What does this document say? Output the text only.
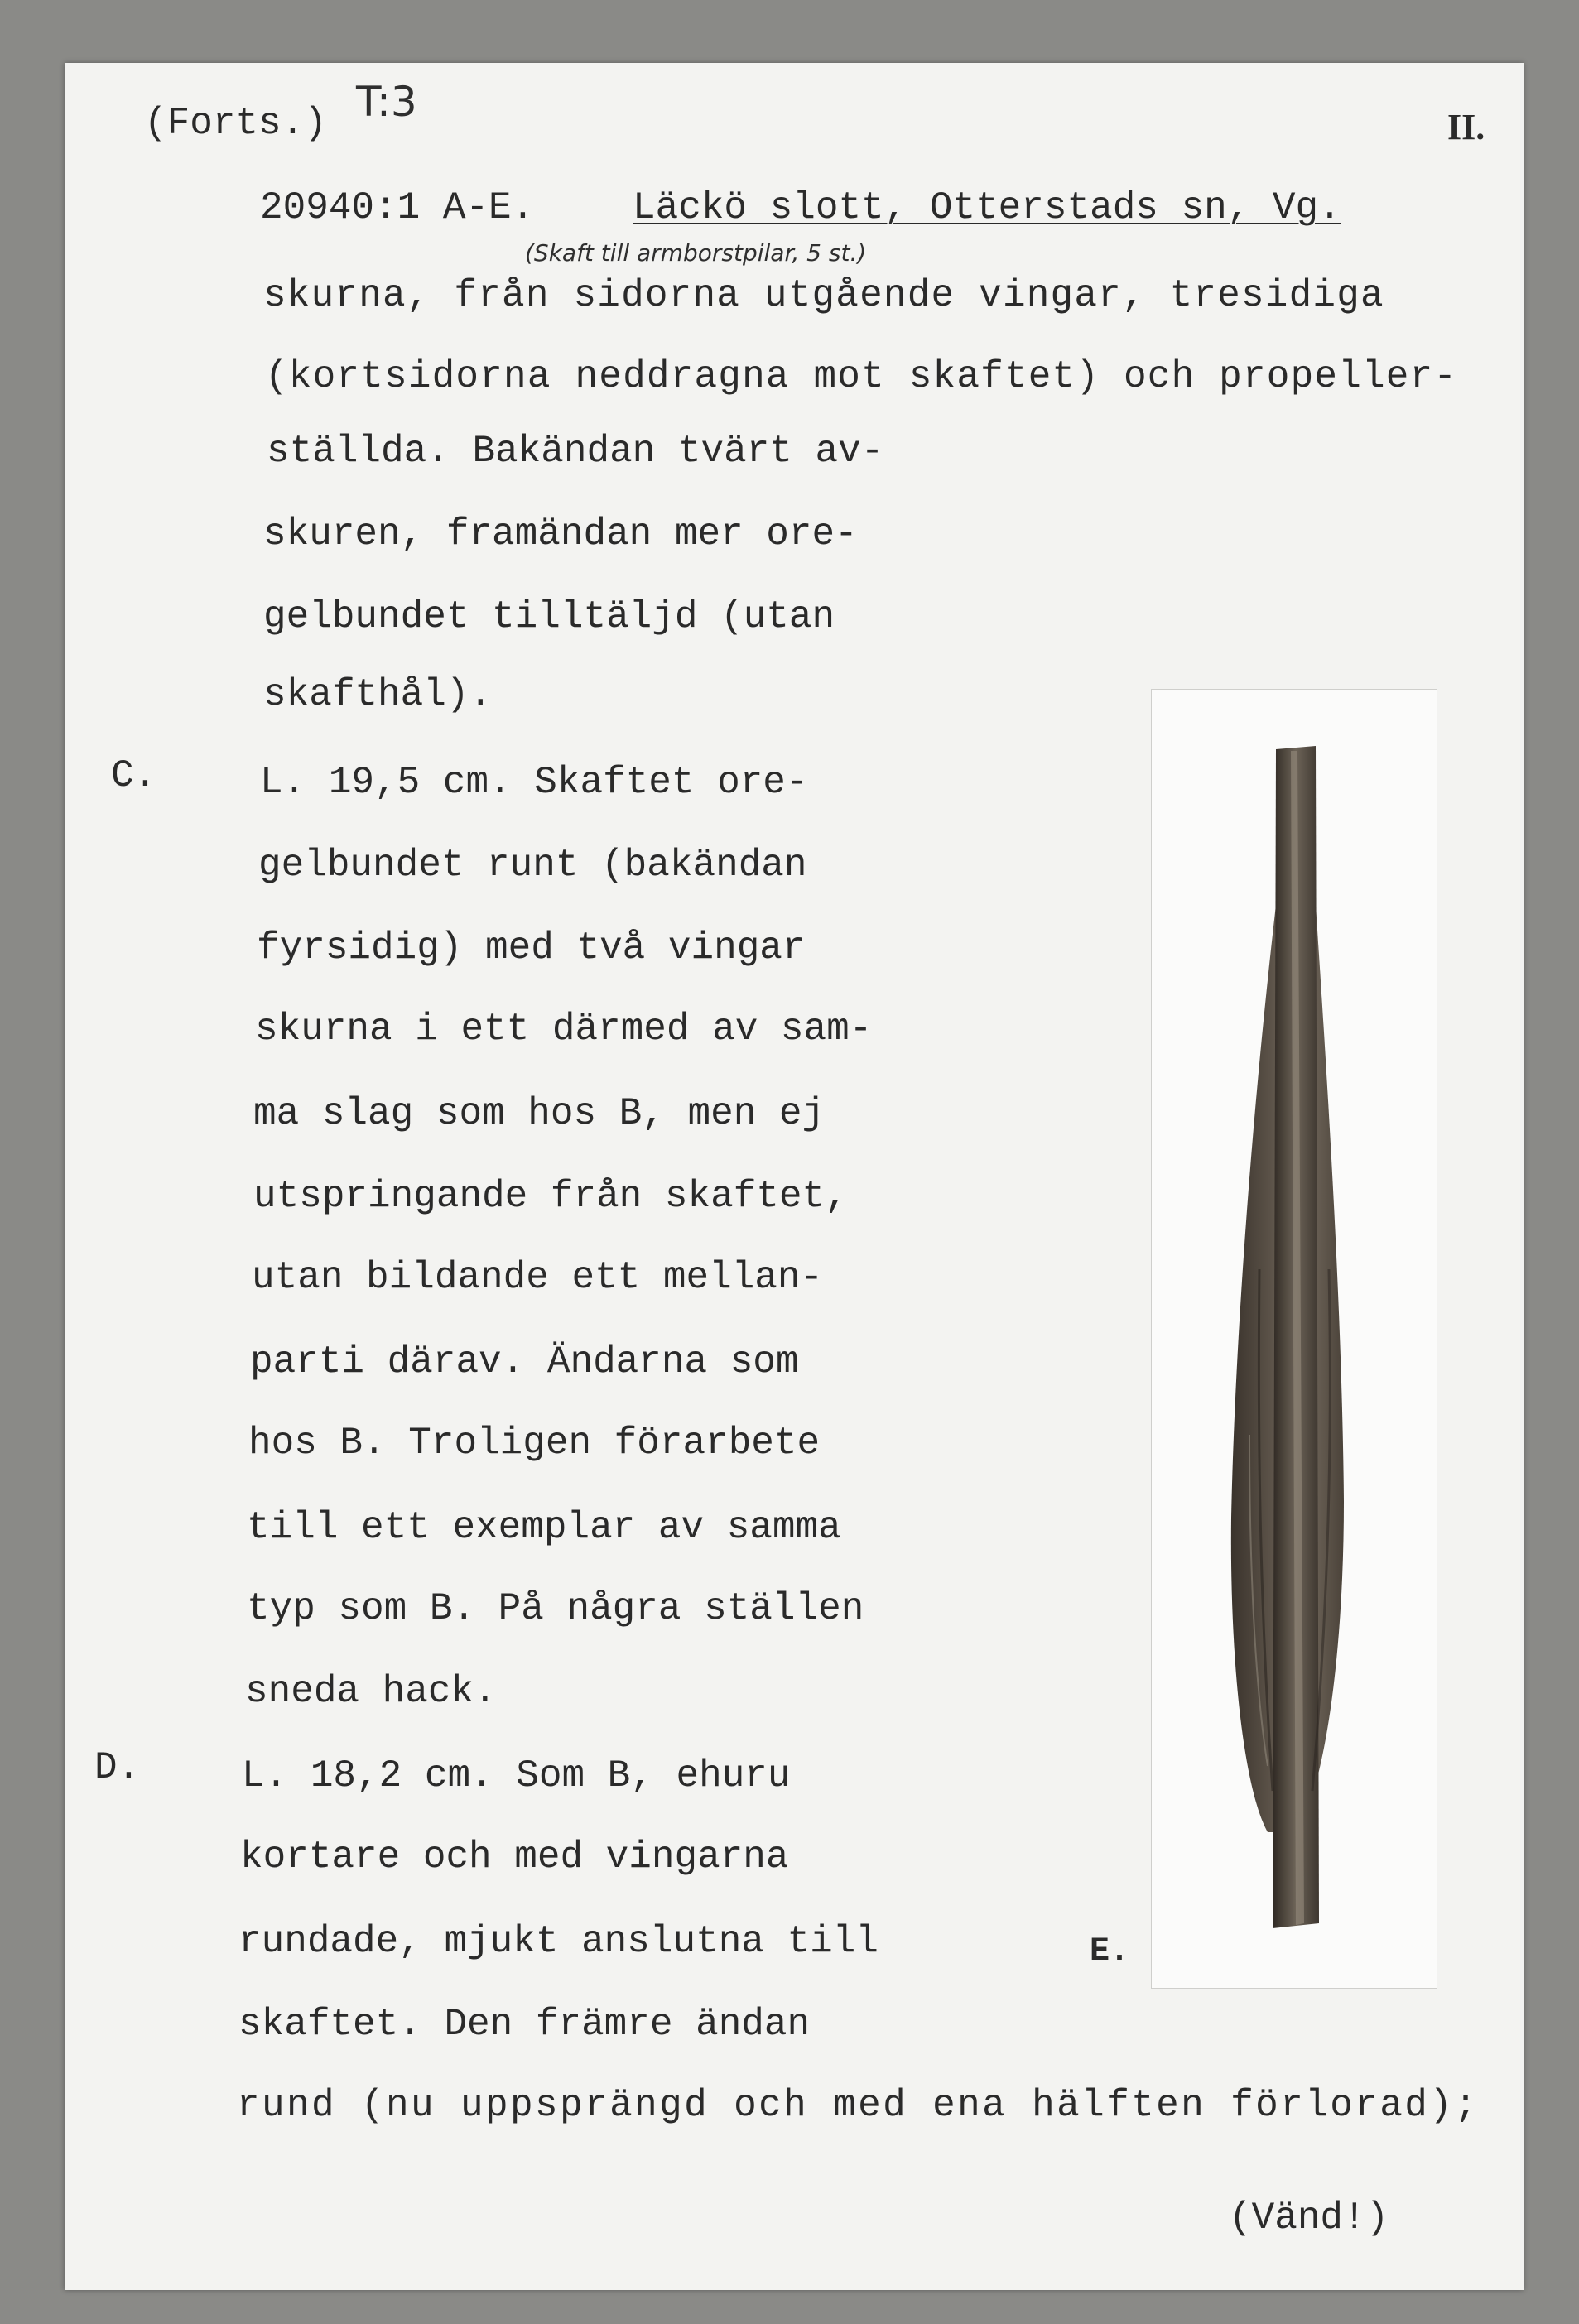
(Forts.) T:3
II.
20940:1 A-E.	Läckö slott, Otterstads sn, Vg.
(Skaft till armborstpilar, 5 st.)
skurna, från sidorna utgående vingar, tresidiga
(kortsidorna neddragna mot skaftet) och propeller-
ställda. Bakändan tvärt av-
skuren, framändan mer ore-
gelbundet tilltäljd (utan
skafthål).
C.	L. 19,5 cm. Skaftet ore-
gelbundet runt (bakändan
fyrsidig) med två vingar
skurna i ett därmed av sam-
ma slag som hos B, men ej
utspringande från skaftet,
utan bildande ett mellan-
parti därav. Ändarna som
hos B. Troligen förarbete
till ett exemplar av samma
typ som B. På några ställen
sneda hack.
D.	L. 18,2 cm. Som B, ehuru
kortare och med vingarna
rundade, mjukt anslutna till
skaftet. Den främre ändan
rund (nu uppsprängd och med ena hälften förlorad);
E.
(Vänd!)
